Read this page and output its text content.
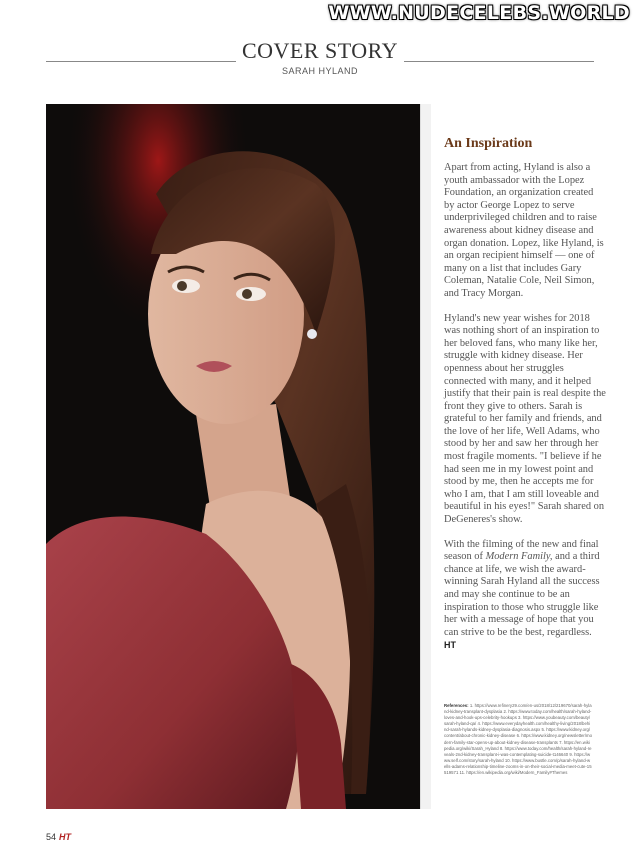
WWW.NUDECELEBS.WORLD
COVER STORY
SARAH HYLAND
An Inspiration

Apart from acting, Hyland is also a youth ambassador with the Lopez Foundation, an organization created by actor George Lopez to serve underprivileged children and to raise awareness about kidney disease and organ donation. Lopez, like Hyland, is an organ recipient himself — one of many on a list that includes Gary Coleman, Natalie Cole, Neil Simon, and Tracy Morgan.

Hyland's new year wishes for 2018 was nothing short of an inspiration to her beloved fans, who many like her, struggle with kidney disease. Her openness about her struggles connected with many, and it helped justify that their pain is real despite the front they give to others. Sarah is grateful to her family and friends, and the love of her life, Well Adams, who stood by her and saw her through her most fragile moments. "I believe if he had seen me in my lowest point and stood by me, then he accepts me for who I am, that I am still loveable and beautiful in his eyes!" Sarah shared on DeGeneres's show.

With the filming of the new and final season of Modern Family, and a third chance at life, we wish the award-winning Sarah Hyland all the success and may she continue to be an inspiration to those who struggle like her with a message of hope that you can strive to be the best, regardless. HT

References: 1. https://www.refinery29.com/en-us/2018/12/219670/sarah-hyland-kidney-transplant-dysplasia 2. https://www.today.com/health/sarah-hyland-loves-and-hook-ups-celebrity-hookups 3. https://www.youbeauty.com/beauty/sarah-hyland-qa/ 4. https://www.everydayhealth.com/healthy-living/2018/behind-sarah-hylands-kidney-dysplasia-diagnosis.aspx 5. https://www.kidney.org/content/about-chronic-kidney-disease 6. https://www.kidney.org/newsletter/modern-family-star-opens-up-about-kidney-disease-transplants 7. https://en.wikipedia.org/wiki/Sarah_Hyland 8. https://www.today.com/health/sarah-hyland-reveals-2nd-kidney-transplant-i-was-contemplating-suicide-t146640 9. https://www.self.com/story/sarah-hyland 10. https://www.bustle.com/p/sarah-hyland-wells-adams-relationship-timeline-zooms-in-on-their-social-media-meet-cute-15519571 11. https://en.wikipedia.org/wiki/Modern_Family#Themes
54 HT
